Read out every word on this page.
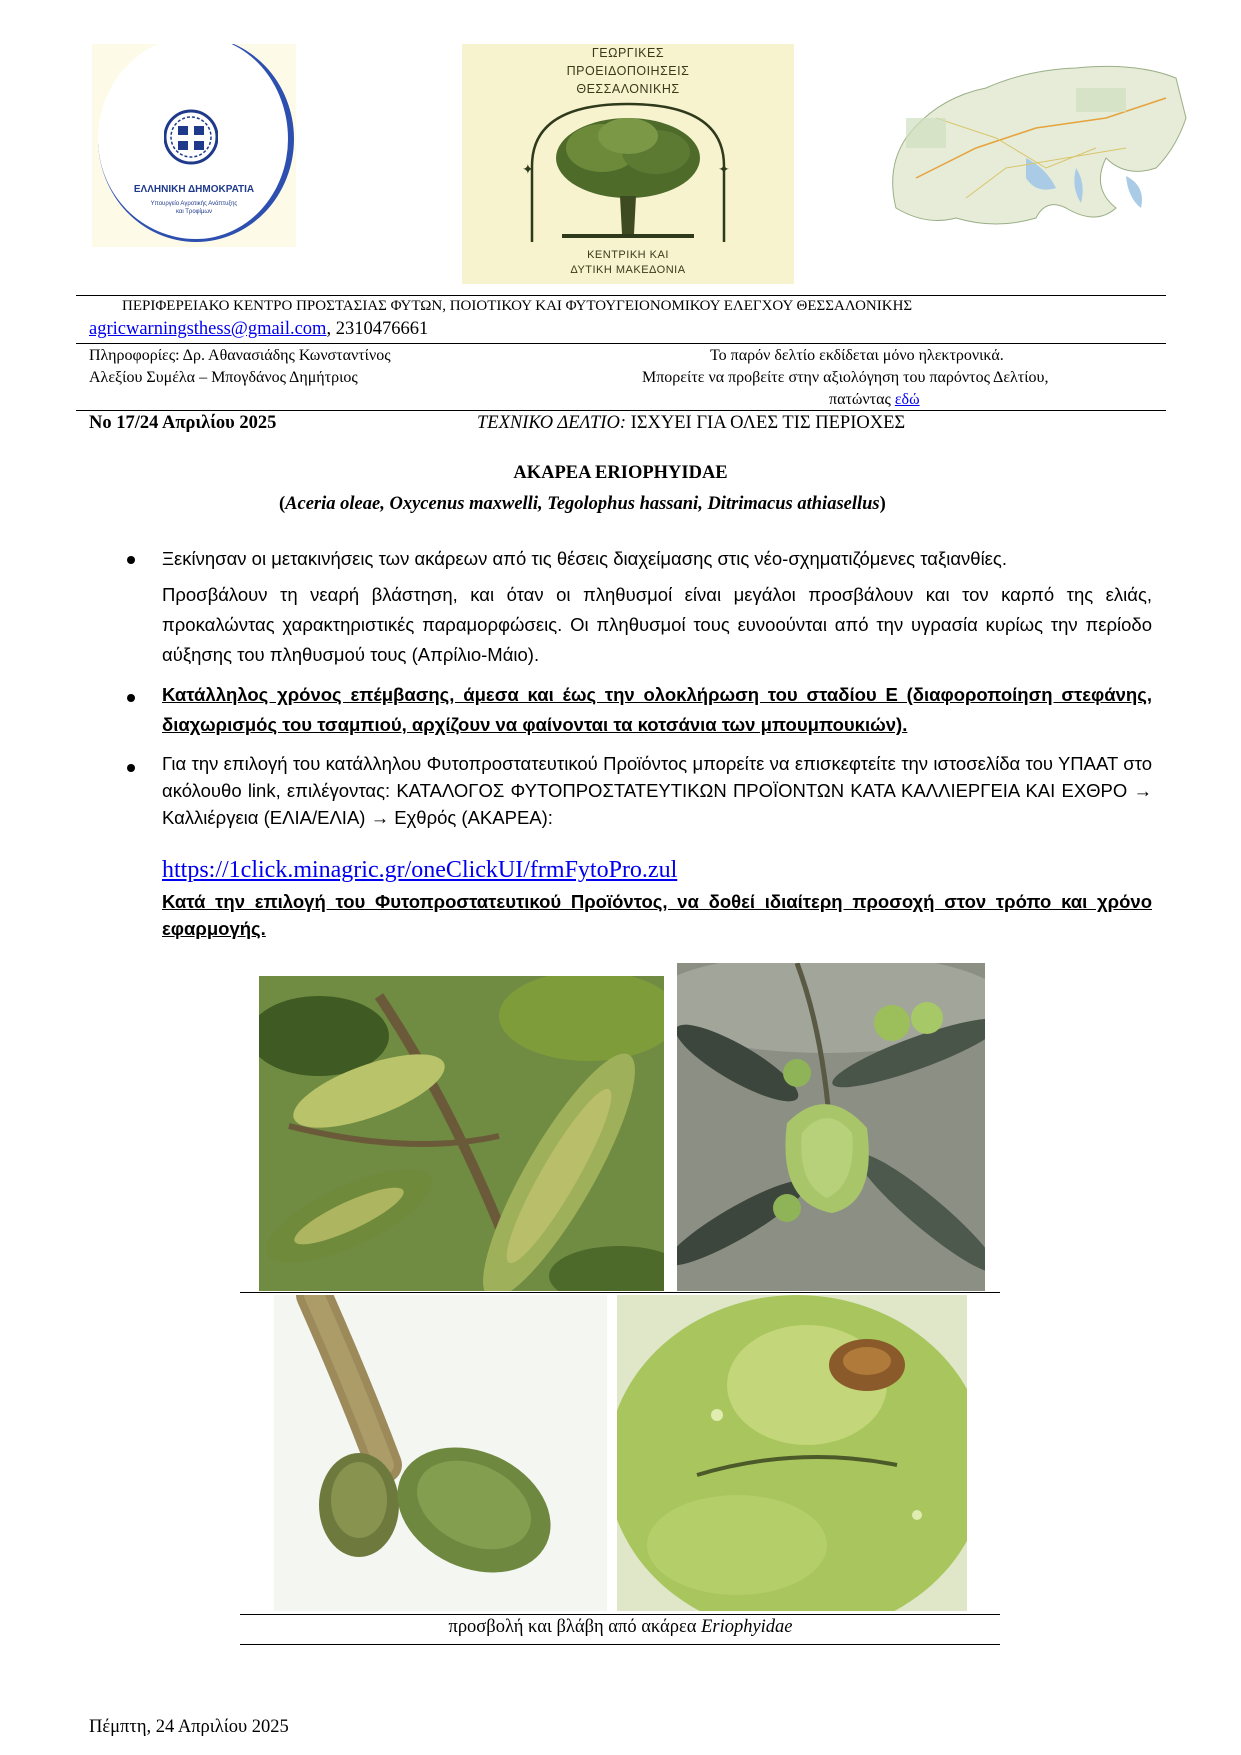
ΕΛΛΗΝΙΚΗ ΔΗΜΟΚΡΑΤΙΑ
Υπουργείο Αγροτικής Ανάπτυξης
και Τροφίμων
ΓΕΩΡΓΙΚΕΣ
ΠΡΟΕΙΔΟΠΟΙΗΣΕΙΣ
ΘΕΣΣΑΛΟΝΙΚΗΣ
✦	✦
ΚΕΝΤΡΙΚΗ ΚΑΙ
ΔΥΤΙΚΗ ΜΑΚΕΔΟΝΙΑ
ΠΕΡΙΦΕΡΕΙΑΚΟ ΚΕΝΤΡΟ ΠΡΟΣΤΑΣΙΑΣ ΦΥΤΩΝ, ΠΟΙΟΤΙΚΟΥ ΚΑΙ ΦΥΤΟΥΓΕΙΟΝΟΜΙΚΟΥ ΕΛΕΓΧΟΥ ΘΕΣΣΑΛΟΝΙΚΗΣ
agricwarningsthess@gmail.com, 2310476661
Πληροφορίες: Δρ. Αθανασιάδης Κωνσταντίνος
Αλεξίου Συμέλα – Μπογδάνος Δημήτριος
Το παρόν δελτίο εκδίδεται μόνο ηλεκτρονικά.
Μπορείτε να προβείτε στην αξιολόγηση του παρόντος Δελτίου,
πατώντας εδώ
Νο 17/24 Απριλίου 2025	ΤΕΧΝΙΚΟ ΔΕΛΤΙΟ: ΙΣΧΥΕΙ ΓΙΑ ΟΛΕΣ ΤΙΣ ΠΕΡΙΟΧΕΣ
ΑΚΑΡΕΑ ERIOPHYIDAE
(Aceria oleae, Oxycenus maxwelli, Tegolophus hassani, Ditrimacus athiasellus)
Ξεκίνησαν οι μετακινήσεις των ακάρεων από τις θέσεις διαχείμασης στις νέο-σχηματιζόμενες ταξιανθίες.
Προσβάλουν τη νεαρή βλάστηση, και όταν οι πληθυσμοί είναι μεγάλοι προσβάλουν και τον καρπό της ελιάς, προκαλώντας χαρακτηριστικές παραμορφώσεις. Οι πληθυσμοί τους ευνοούνται από την υγρασία κυρίως την περίοδο αύξησης του πληθυσμού τους (Απρίλιο-Μάιο).
Κατάλληλος χρόνος επέμβασης, άμεσα και έως την ολοκλήρωση του σταδίου Ε (διαφοροποίηση στεφάνης, διαχωρισμός του τσαμπιού, αρχίζουν να φαίνονται τα κοτσάνια των μπουμπουκιών).
Για την επιλογή του κατάλληλου Φυτοπροστατευτικού Προϊόντος μπορείτε να επισκεφτείτε την ιστοσελίδα του ΥΠΑΑΤ στο ακόλουθο link, επιλέγοντας: ΚΑΤΑΛΟΓΟΣ ΦΥΤΟΠΡΟΣΤΑΤΕΥΤΙΚΩΝ ΠΡΟΪΟΝΤΩΝ ΚΑΤΑ ΚΑΛΛΙΕΡΓΕΙΑ ΚΑΙ ΕΧΘΡΟ → Καλλιέργεια (ΕΛΙΑ/ΕΛΙΑ) → Εχθρός (ΑΚΑΡΕΑ):
https://1click.minagric.gr/oneClickUI/frmFytoPro.zul
Κατά την επιλογή του Φυτοπροστατευτικού Προϊόντος, να δοθεί ιδιαίτερη προσοχή στον τρόπο και χρόνο εφαρμογής.
προσβολή και βλάβη από ακάρεα Eriophyidae
Πέμπτη, 24 Απριλίου 2025
